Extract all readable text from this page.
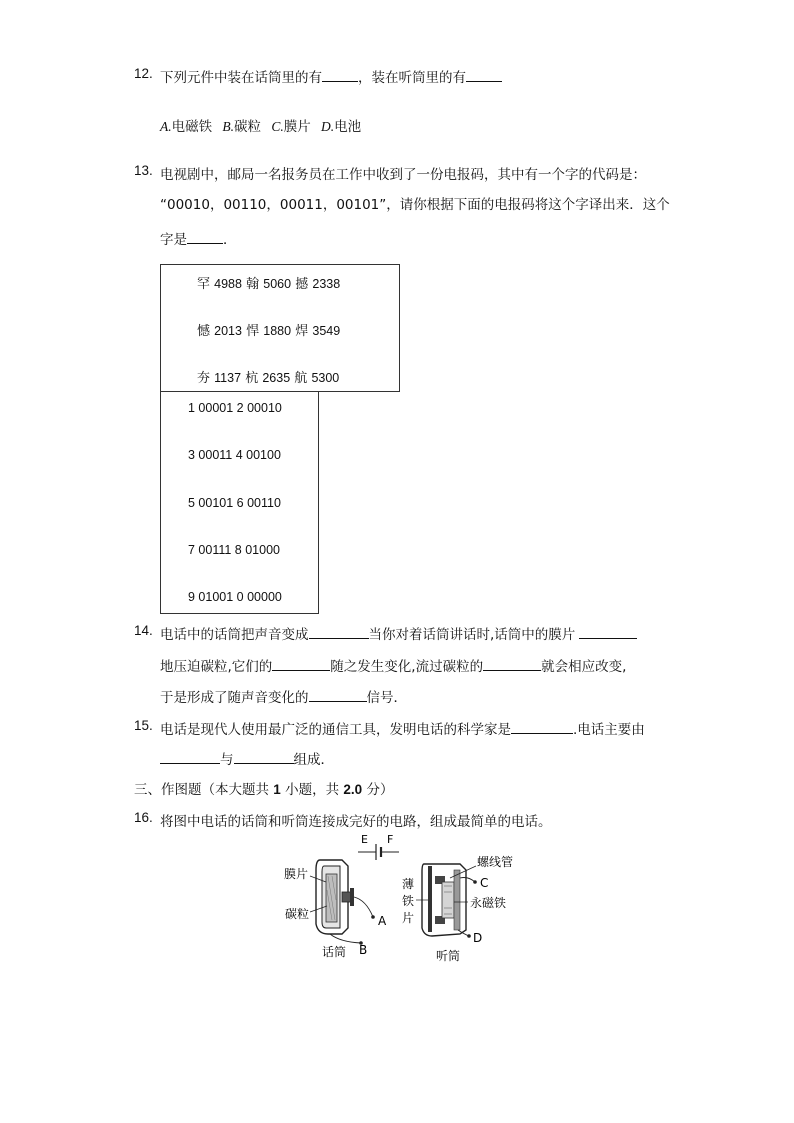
12. 下列元件中装在话筒里的有	，装在听筒里的有
A.电磁铁 B.碳粒 C.膜片 D.电池
13. 电视剧中，邮局一名报务员在工作中收到了一份电报码，其中有一个字的代码是：
“00010，00110，00011，00101”，请你根据下面的电报码将这个字译出来．这个
字是	．
罕 4988 翰 5060 撼 2338
憾 2013 悍 1880 焊 3549
夯 1137 杭 2635 航 5300
1 00001 2 00010
3 00011 4 00100
5 00101 6 00110
7 00111 8 01000
9 01001 0 00000
14. 电话中的话筒把声音变成	当你对着话筒讲话时,话筒中的膜片
地压迫碳粒,它们的	随之发生变化,流过碳粒的	就会相应改变,
于是形成了随声音变化的	信号．
15. 电话是现代人使用最广泛的通信工具，发明电话的科学家是	.电话主要由
与	组成．
三、作图题（本大题共 1 小题，共 2.0 分）
16. 将图中电话的话筒和听筒连接成完好的电路，组成最简单的电话。
E F
膜片
碳粒	A
B
话筒
螺线管
C
永磁铁
D
薄
铁
片
听筒
